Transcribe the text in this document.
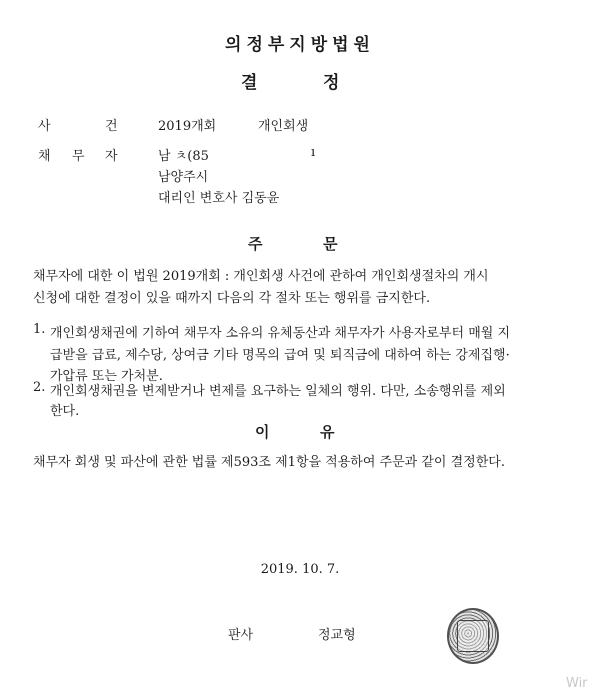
의정부지방법원
결	정
사	건	2019개회	개인회생
채 무 자	남 ㅊ(85	ı
남양주시
대리인 변호사 김동윤
주	문
채무자에 대한 이 법원 2019개회 : 개인회생 사건에 관하여 개인회생절차의 개시
신청에 대한 결정이 있을 때까지 다음의 각 절차 또는 행위를 금지한다.
1. 개인회생채권에 기하여 채무자 소유의 유체동산과 채무자가 사용자로부터 매월 지
급받을 급료, 제수당, 상여금 기타 명목의 급여 및 퇴직금에 대하여 하는 강제집행·
가압류 또는 가처분.
2. 개인회생채권을 변제받거나 변제를 요구하는 일체의 행위. 다만, 소송행위를 제외
한다.
이	유
채무자 회생 및 파산에 관한 법률 제593조 제1항을 적용하여 주문과 같이 결정한다.
2019. 10. 7.
판사	정교형
Wir
